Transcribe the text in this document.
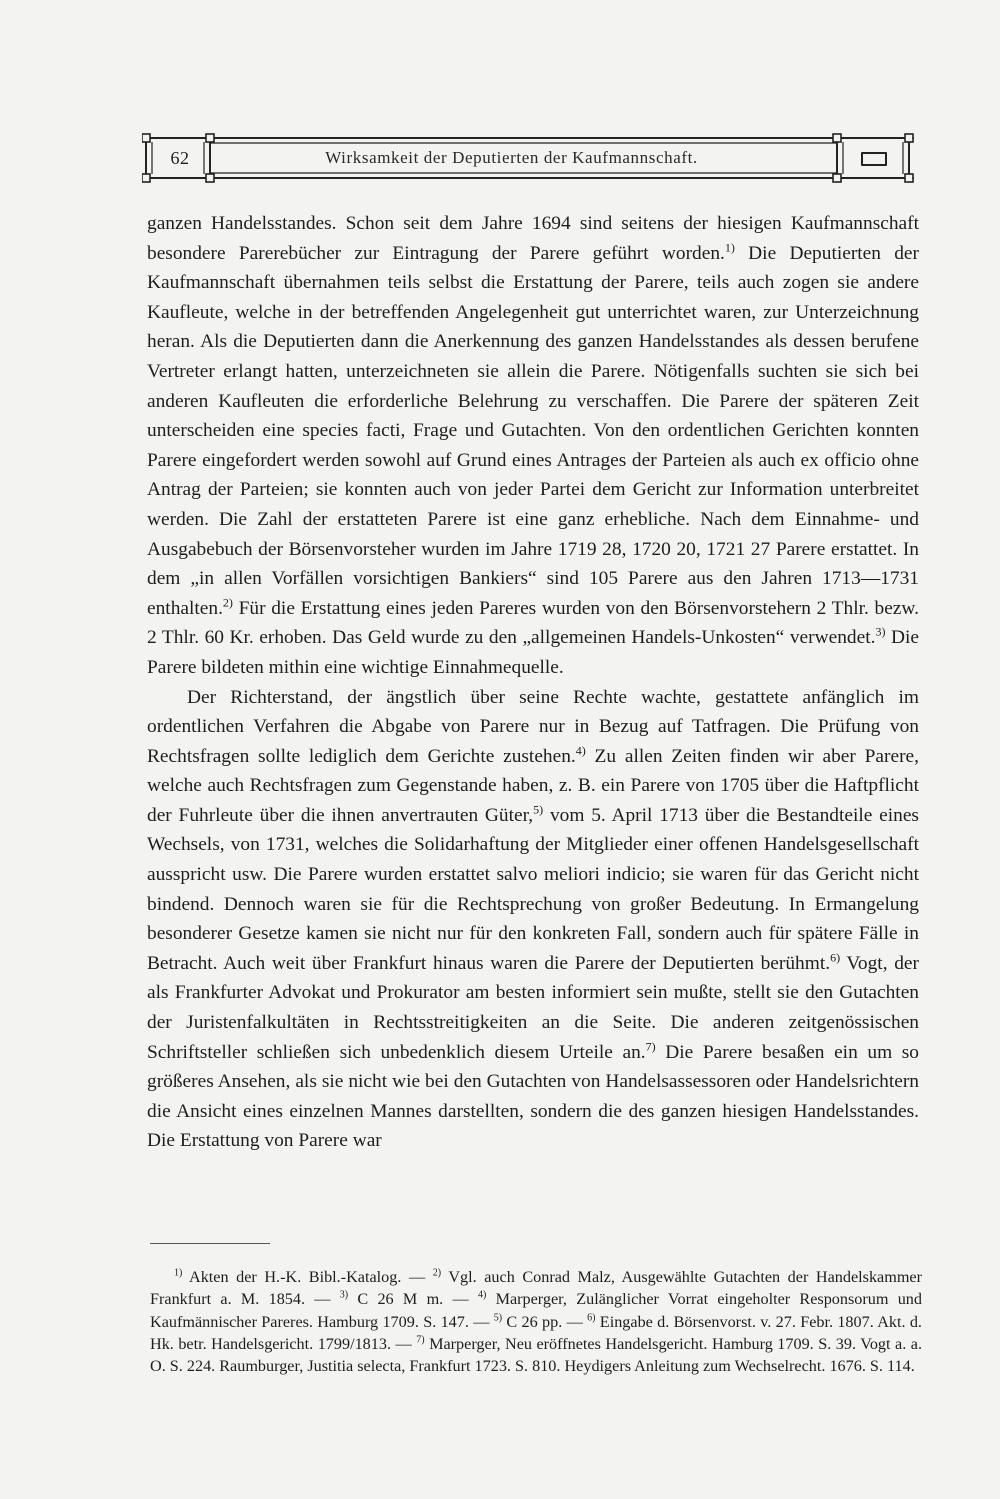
62	Wirksamkeit der Deputierten der Kaufmannschaft.

ganzen Handelsstandes. Schon seit dem Jahre 1694 sind seitens der hiesigen Kaufmannschaft besondere Parerebücher zur Eintragung der Parere geführt worden.$^{1)}$ Die Deputierten der Kaufmannschaft übernahmen teils selbst die Erstattung der Parere, teils auch zogen sie andere Kaufleute, welche in der betreffenden Angelegenheit gut unterrichtet waren, zur Unterzeichnung heran. Als die Deputierten dann die Anerkennung des ganzen Handelsstandes als dessen berufene Vertreter erlangt hatten, unterzeichneten sie allein die Parere. Nötigenfalls suchten sie sich bei anderen Kaufleuten die erforderliche Belehrung zu verschaffen. Die Parere der späteren Zeit unterscheiden eine species facti, Frage und Gutachten. Von den ordentlichen Gerichten konnten Parere eingefordert werden sowohl auf Grund eines Antrages der Parteien als auch ex officio ohne Antrag der Parteien; sie konnten auch von jeder Partei dem Gericht zur Information unterbreitet werden. Die Zahl der erstatteten Parere ist eine ganz erhebliche. Nach dem Einnahme- und Ausgabebuch der Börsenvorsteher wurden im Jahre 1719 28, 1720 20, 1721 27 Parere erstattet. In dem „in allen Vorfällen vorsichtigen Bankiers“ sind 105 Parere aus den Jahren 1713—1731 enthalten.$^{2)}$ Für die Erstattung eines jeden Pareres wurden von den Börsenvorstehern 2 Thlr. bezw. 2 Thlr. 60 Kr. erhoben. Das Geld wurde zu den „allgemeinen Handels-Unkosten“ verwendet.$^{3)}$ Die Parere bildeten mithin eine wichtige Einnahmequelle.

Der Richterstand, der ängstlich über seine Rechte wachte, gestattete anfänglich im ordentlichen Verfahren die Abgabe von Parere nur in Bezug auf Tatfragen. Die Prüfung von Rechtsfragen sollte lediglich dem Gerichte zustehen.$^{4)}$ Zu allen Zeiten finden wir aber Parere, welche auch Rechtsfragen zum Gegenstande haben, z. B. ein Parere von 1705 über die Haftpflicht der Fuhrleute über die ihnen anvertrauten Güter,$^{5)}$ vom 5. April 1713 über die Bestandteile eines Wechsels, von 1731, welches die Solidarhaftung der Mitglieder einer offenen Handelsgesellschaft ausspricht usw. Die Parere wurden erstattet salvo meliori indicio; sie waren für das Gericht nicht bindend. Dennoch waren sie für die Rechtsprechung von großer Bedeutung. In Ermangelung besonderer Gesetze kamen sie nicht nur für den konkreten Fall, sondern auch für spätere Fälle in Betracht. Auch weit über Frankfurt hinaus waren die Parere der Deputierten berühmt.$^{6)}$ Vogt, der als Frankfurter Advokat und Prokurator am besten informiert sein mußte, stellt sie den Gutachten der Juristenfalkultäten in Rechtsstreitigkeiten an die Seite. Die anderen zeitgenössischen Schriftsteller schließen sich unbedenklich diesem Urteile an.$^{7)}$ Die Parere besaßen ein um so größeres Ansehen, als sie nicht wie bei den Gutachten von Handelsassessoren oder Handelsrichtern die Ansicht eines einzelnen Mannes darstellten, sondern die des ganzen hiesigen Handelsstandes. Die Erstattung von Parere war

$^{1)}$ Akten der H.-K. Bibl.-Katalog. — $^{2)}$ Vgl. auch Conrad Malz, Ausgewählte Gutachten der Handelskammer Frankfurt a. M. 1854. — $^{3)}$ C 26 M m. — $^{4)}$ Marperger, Zulänglicher Vorrat eingeholter Responsorum und Kaufmännischer Pareres. Hamburg 1709. S. 147. — $^{5)}$ C 26 pp. — $^{6)}$ Eingabe d. Börsenvorst. v. 27. Febr. 1807. Akt. d. Hk. betr. Handelsgericht. 1799/1813. — $^{7)}$ Marperger, Neu eröffnetes Handelsgericht. Hamburg 1709. S. 39. Vogt a. a. O. S. 224. Raumburger, Justitia selecta, Frankfurt 1723. S. 810. Heydigers Anleitung zum Wechselrecht. 1676. S. 114.
